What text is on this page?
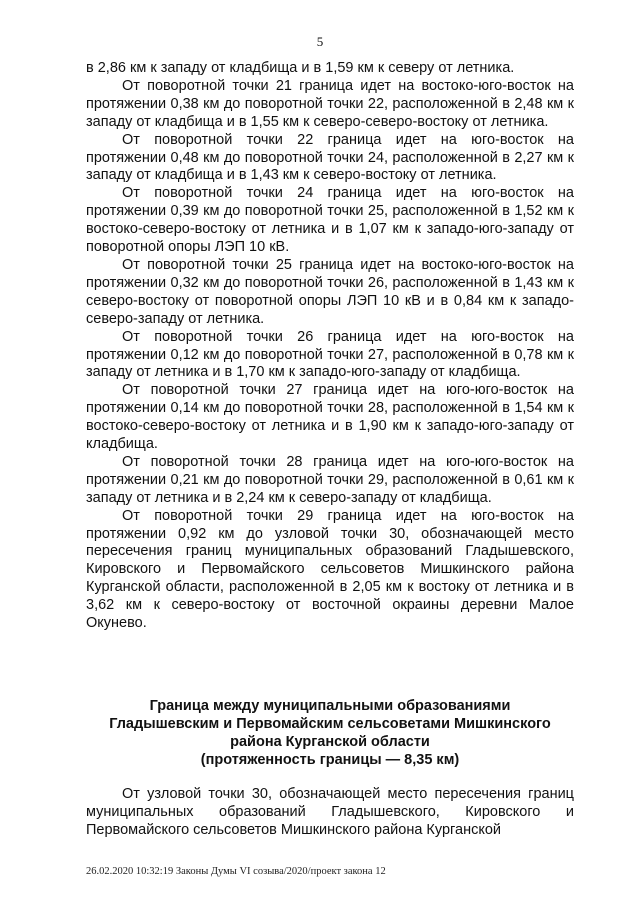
5

в 2,86 км к западу от кладбища и в 1,59 км к северу от летника.

От поворотной точки 21 граница идет на востоко-юго-восток на протяжении 0,38 км до поворотной точки 22, расположенной в 2,48 км к западу от кладбища и в 1,55 км к северо-северо-востоку от летника.

От поворотной точки 22 граница идет на юго-восток на протяжении 0,48 км до поворотной точки 24, расположенной в 2,27 км к западу от кладбища и в 1,43 км к северо-востоку от летника.

От поворотной точки 24 граница идет на юго-восток на протяжении 0,39 км до поворотной точки 25, расположенной в 1,52 км к востоко-северо-востоку от летника и в 1,07 км к западо-юго-западу от поворотной опоры ЛЭП 10 кВ.

От поворотной точки 25 граница идет на востоко-юго-восток на протяжении 0,32 км до поворотной точки 26, расположенной в 1,43 км к северо-востоку от поворотной опоры ЛЭП 10 кВ и в 0,84 км к западо-северо-западу от летника.

От поворотной точки 26 граница идет на юго-восток на протяжении 0,12 км до поворотной точки 27, расположенной в 0,78 км к западу от летника и в 1,70 км к западо-юго-западу от кладбища.

От поворотной точки 27 граница идет на юго-юго-восток на протяжении 0,14 км до поворотной точки 28, расположенной в 1,54 км к востоко-северо-востоку от летника и в 1,90 км к западо-юго-западу от кладбища.

От поворотной точки 28 граница идет на юго-юго-восток на протяжении 0,21 км до поворотной точки 29, расположенной в 0,61 км к западу от летника и в 2,24 км к северо-западу от кладбища.

От поворотной точки 29 граница идет на юго-восток на протяжении 0,92 км до узловой точки 30, обозначающей место пересечения границ муниципальных образований Гладышевского, Кировского и Первомайского сельсоветов Мишкинского района Курганской области, расположенной в 2,05 км к востоку от летника и в 3,62 км к северо-востоку от восточной окраины деревни Малое Окунево.

Граница между муниципальными образованиями
Гладышевским и Первомайским сельсоветами Мишкинского
района Курганской области
(протяженность границы — 8,35 км)

От узловой точки 30, обозначающей место пересечения границ муниципальных образований Гладышевского, Кировского и Первомайского сельсоветов Мишкинского района Курганской

26.02.2020 10:32:19 Законы Думы VI созыва/2020/проект закона 12
